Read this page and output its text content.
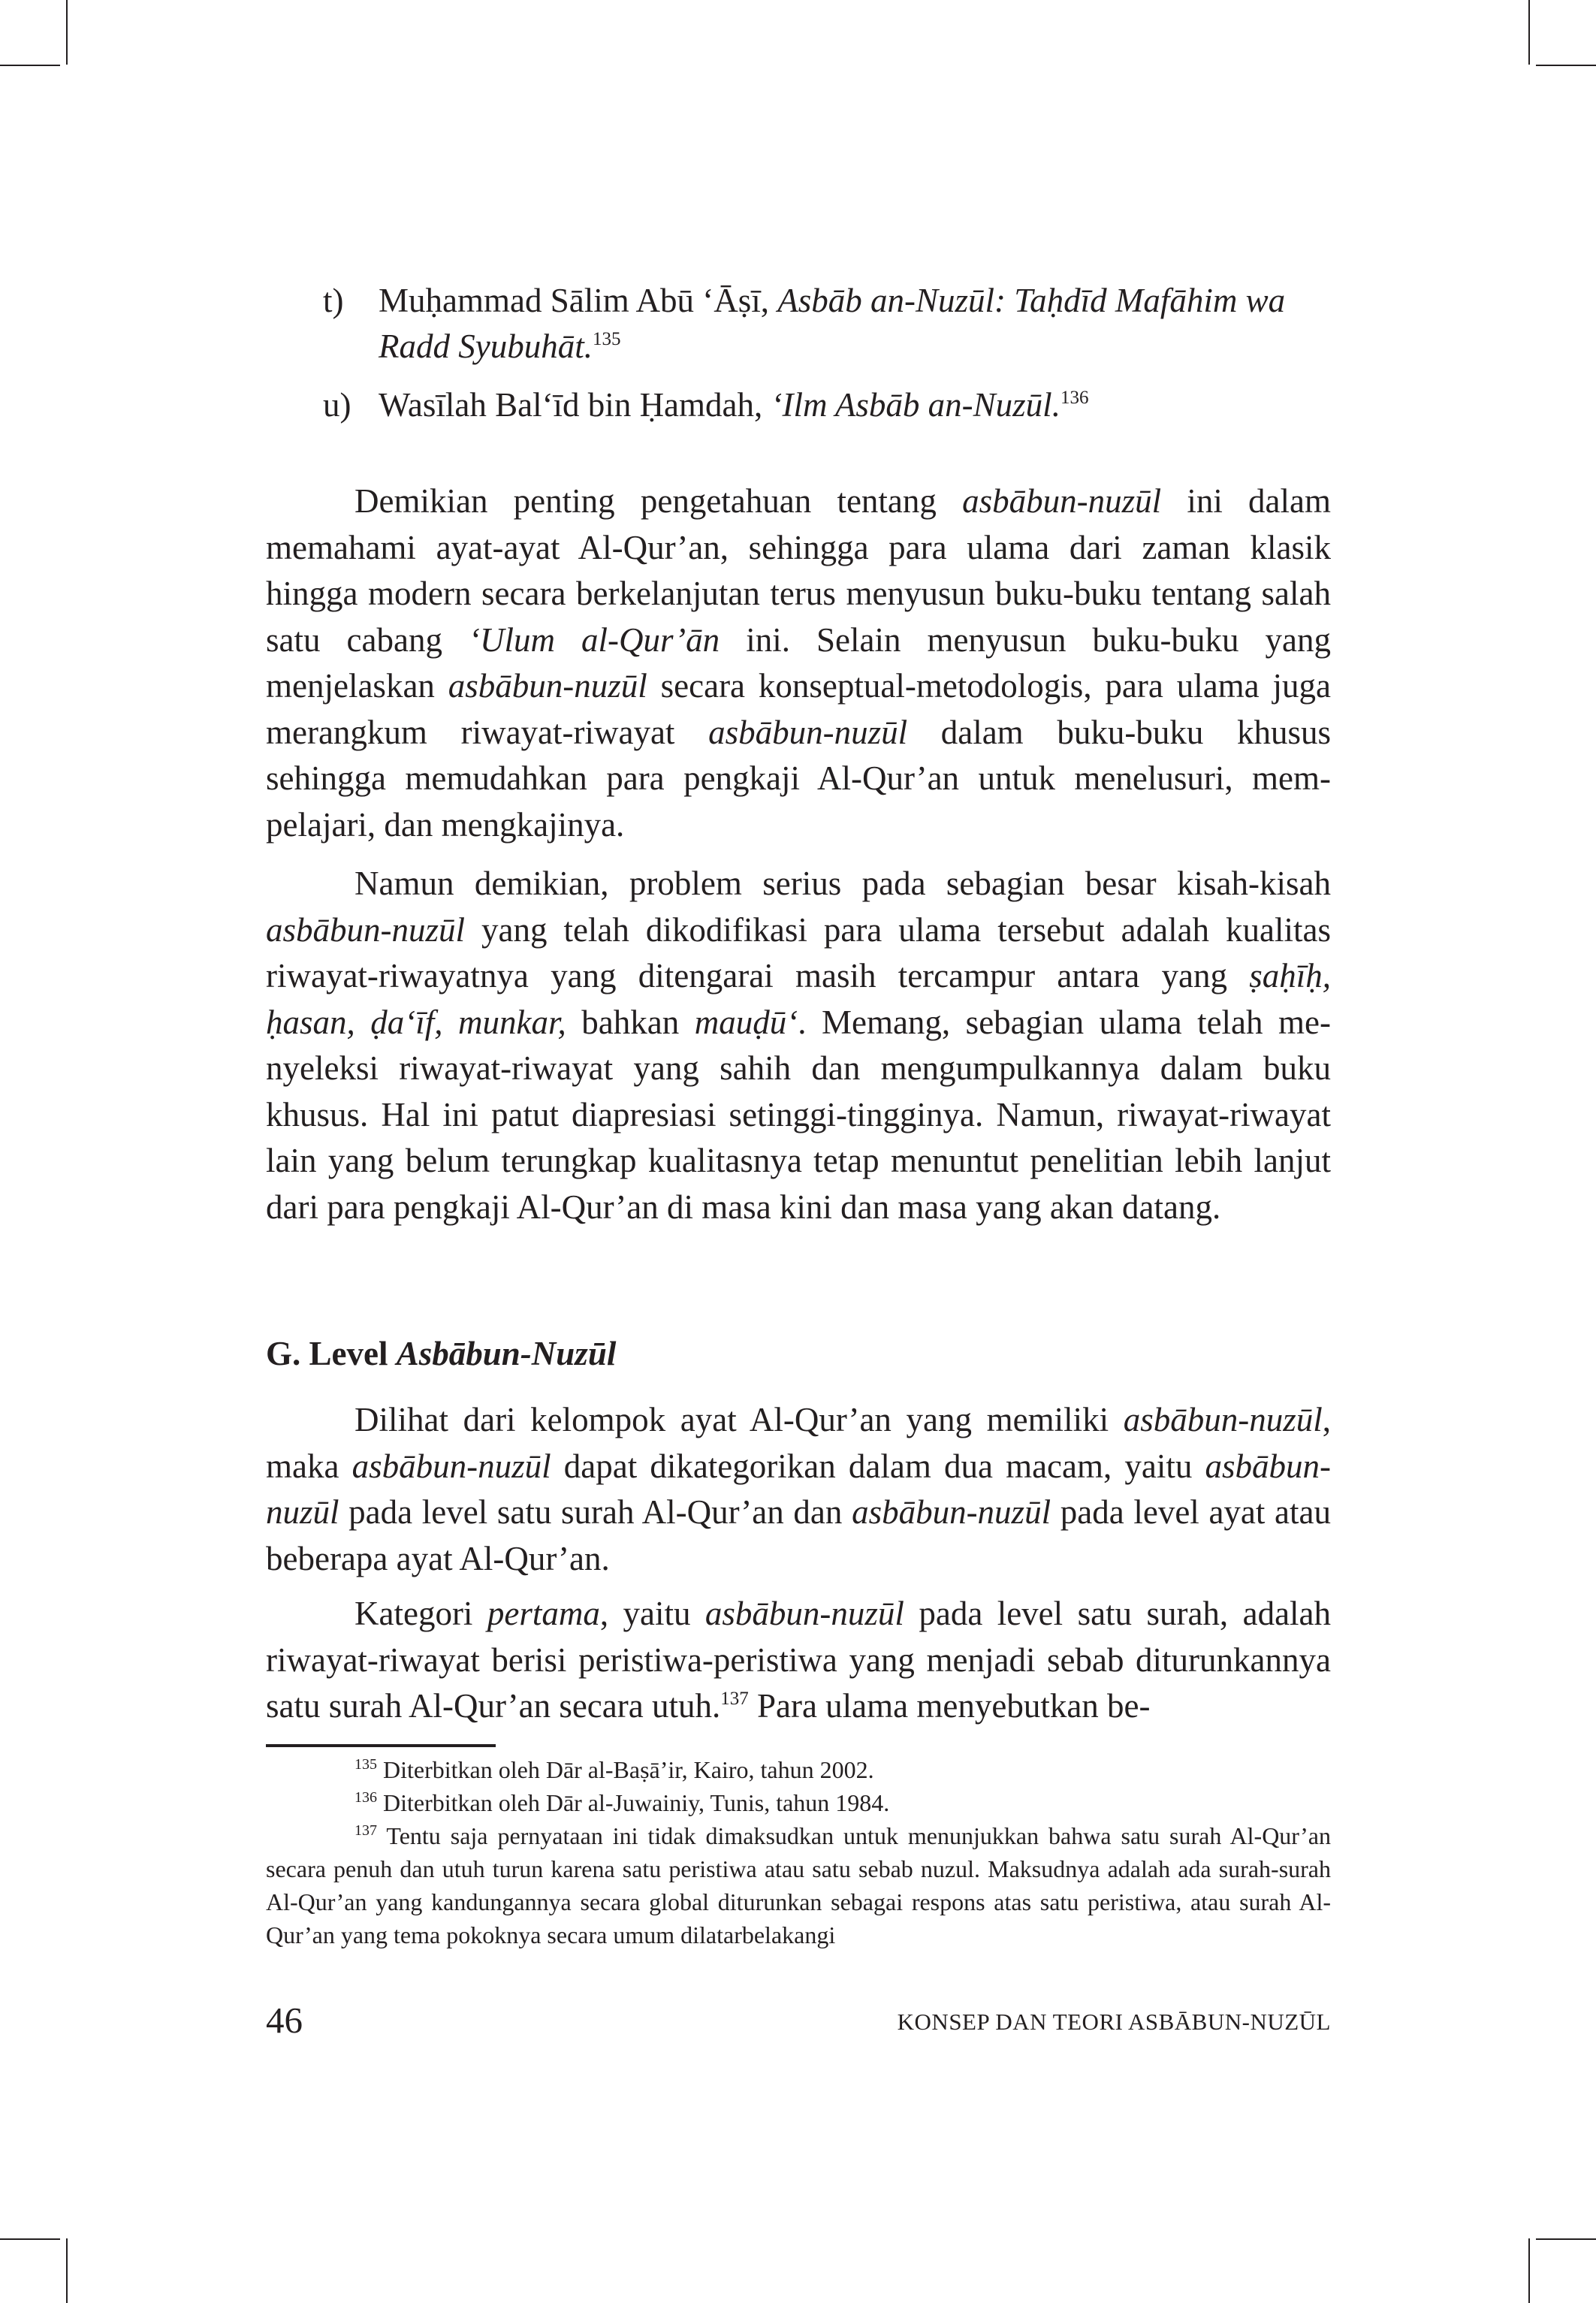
t) Muḥammad Sālim Abū ʻĀṣī, Asbāb an-Nuzūl: Taḥdīd Mafāhim wa Radd Syubuhāt.$^{135}$
u) Wasīlah Balʻīd bin Ḥamdah, ʻIlm Asbāb an-Nuzūl.$^{136}$

Demikian penting pengetahuan tentang asbābun-nuzūl ini dalam memahami ayat-ayat Al-Qur’an, sehingga para ulama dari zaman klasik hingga modern secara berkelanjutan terus menyusun buku-buku tentang salah satu cabang ʻUlum al-Qur’ān ini. Selain menyusun buku-buku yang menjelaskan asbābun-nuzūl secara konseptual-metodologis, para ulama juga merangkum riwayat-riwayat asbābun-nuzūl dalam buku-buku khusus sehingga memudahkan para pengkaji Al-Qur’an untuk menelusuri, mempelajari, dan mengkajinya.

Namun demikian, problem serius pada sebagian besar kisah-kisah asbābun-nuzūl yang telah dikodifikasi para ulama tersebut adalah kualitas riwayat-riwayatnya yang ditengarai masih tercampur antara yang ṣaḥīḥ, ḥasan, ḍaʻīf, munkar, bahkan mauḍūʻ. Memang, sebagian ulama telah menyeleksi riwayat-riwayat yang sahih dan mengumpulkannya dalam buku khusus. Hal ini patut diapresiasi setinggi-tingginya. Namun, riwayat-riwayat lain yang belum terungkap kualitasnya tetap menuntut penelitian lebih lanjut dari para pengkaji Al-Qur’an di masa kini dan masa yang akan datang.

G. Level Asbābun-Nuzūl

Dilihat dari kelompok ayat Al-Qur’an yang memiliki asbābun-nuzūl, maka asbābun-nuzūl dapat dikategorikan dalam dua macam, yaitu asbābun-nuzūl pada level satu surah Al-Qur’an dan asbābun-nuzūl pada level ayat atau beberapa ayat Al-Qur’an.

Kategori pertama, yaitu asbābun-nuzūl pada level satu surah, adalah riwayat-riwayat berisi peristiwa-peristiwa yang menjadi sebab diturunkannya satu surah Al-Qur’an secara utuh.$^{137}$ Para ulama menyebutkan be-

$^{135}$ Diterbitkan oleh Dār al-Baṣā’ir, Kairo, tahun 2002.

$^{136}$ Diterbitkan oleh Dār al-Juwainiy, Tunis, tahun 1984.

$^{137}$ Tentu saja pernyataan ini tidak dimaksudkan untuk menunjukkan bahwa satu surah Al-Qur’an secara penuh dan utuh turun karena satu peristiwa atau satu sebab nuzul. Maksudnya adalah ada surah-surah Al-Qur’an yang kandungannya secara global diturunkan sebagai respons atas satu peristiwa, atau surah Al-Qur’an yang tema pokoknya secara umum dilatarbelakangi

46	KONSEP DAN TEORI ASBĀBUN-NUZŪL
